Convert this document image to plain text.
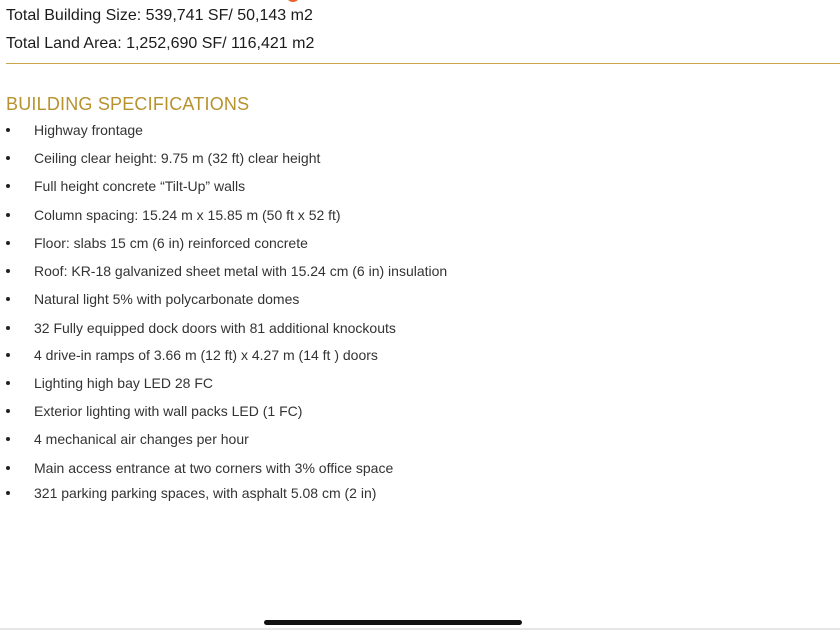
Total Building Size: 539,741 SF/ 50,143 m2
Total Land Area: 1,252,690 SF/ 116,421 m2
BUILDING SPECIFICATIONS
Highway frontage
Ceiling clear height: 9.75 m (32 ft) clear height
Full height concrete “Tilt-Up” walls
Column spacing: 15.24 m x 15.85 m (50 ft x 52 ft)
Floor: slabs 15 cm (6 in) reinforced concrete
Roof: KR-18 galvanized sheet metal with 15.24 cm (6 in) insulation
Natural light 5% with polycarbonate domes
32 Fully equipped dock doors with 81 additional knockouts
4 drive-in ramps of 3.66 m (12 ft) x 4.27 m (14 ft ) doors
Lighting high bay LED 28 FC
Exterior lighting with wall packs LED (1 FC)
4 mechanical air changes per hour
Main access entrance at two corners with 3% office space
321 parking parking spaces, with asphalt 5.08 cm (2 in)
